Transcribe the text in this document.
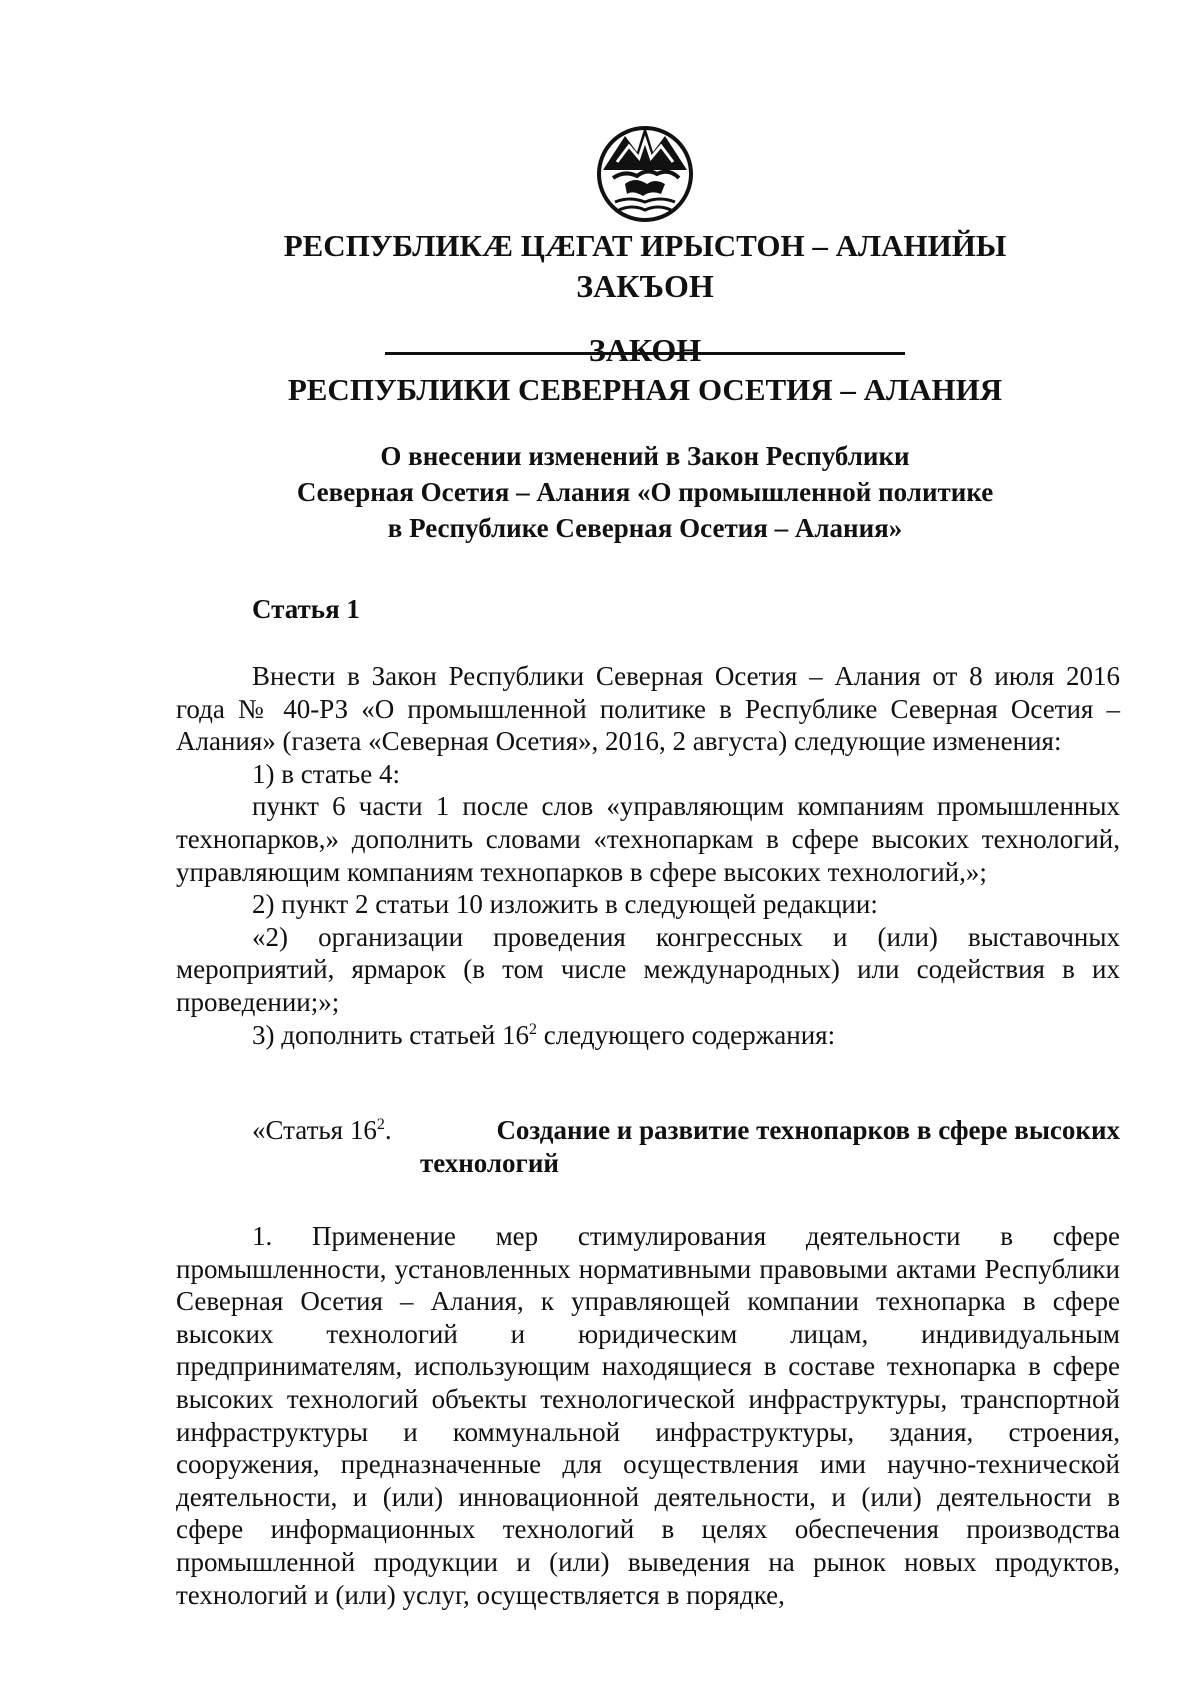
РЕСПУБЛИКÆ ЦÆГАТ ИРЫСТОН – АЛАНИЙЫ
ЗАКЪОН
ЗАКОН
РЕСПУБЛИКИ СЕВЕРНАЯ ОСЕТИЯ – АЛАНИЯ
О внесении изменений в Закон Республики
Северная Осетия – Алания «О промышленной политике
в Республике Северная Осетия – Алания»
Статья 1

Внести в Закон Республики Северная Осетия – Алания от 8 июля 2016 года № 40-РЗ «О промышленной политике в Республике Северная Осетия – Алания» (газета «Северная Осетия», 2016, 2 августа) следующие изменения:

1) в статье 4:

пункт 6 части 1 после слов «управляющим компаниям промышленных технопарков,» дополнить словами «технопаркам в сфере высоких технологий, управляющим компаниям технопарков в сфере высоких технологий,»;

2) пункт 2 статьи 10 изложить в следующей редакции:

«2) организации проведения конгрессных и (или) выставочных мероприятий, ярмарок (в том числе международных) или содействия в их проведении;»;

3) дополнить статьей $16^2$ следующего содержания:

«Статья $16^2$.	Создание и развитие технопарков в сфере высоких
технологий

1. Применение мер стимулирования деятельности в сфере промышленности, установленных нормативными правовыми актами Республики Северная Осетия – Алания, к управляющей компании технопарка в сфере высоких технологий и юридическим лицам, индивидуальным предпринимателям, использующим находящиеся в составе технопарка в сфере высоких технологий объекты технологической инфраструктуры, транспортной инфраструктуры и коммунальной инфраструктуры, здания, строения, сооружения, предназначенные для осуществления ими научно-технической деятельности, и (или) инновационной деятельности, и (или) деятельности в сфере информационных технологий в целях обеспечения производства промышленной продукции и (или) выведения на рынок новых продуктов, технологий и (или) услуг, осуществляется в порядке,
